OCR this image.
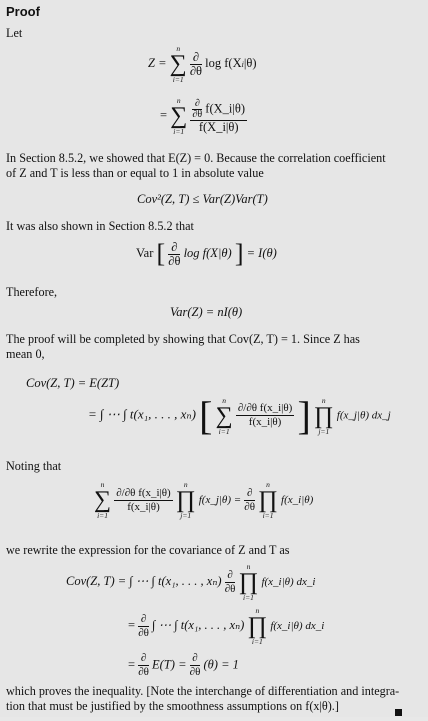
Proof
Let
Z =
n
∑
i=1

$\frac{\partial}{\partial\theta}$ log f(Xi|θ)
=
n
∑
i=1
$\frac{\frac{\partial}{\partial\theta} f(X\_i|\theta)}{f(X\_i|\theta)}$
In Section 8.5.2, we showed that E(Z) = 0. Because the correlation coefficient
of Z and T is less than or equal to 1 in absolute value
Cov²(Z, T) ≤ Var(Z)Var(T)
It was also shown in Section 8.5.2 that
Var [ $\frac{\partial}{\partial\theta}$ log f(X|θ) ] = I(θ)
Therefore,
Var(Z) = nI(θ)
The proof will be completed by showing that Cov(Z, T) = 1. Since Z has
mean 0,
Cov(Z, T) = E(ZT)
= ∫ ⋯ ∫ t(x₁, . . . , xₙ) [	n
∑
i=1

$\frac{\text{∂/∂θ f(x\_i|θ)}}{f(x\_i|\theta)}$ ]	n
∏
j=1
f(x_j|θ) dx_j
Noting that
n
∑
i=1

$\frac{\text{∂/∂θ f(x\_i|θ)}}{f(x\_i|\theta)}$

n
∏
j=1
f(x_j|θ) = $\frac{\partial}{\partial\theta}$

n
∏
i=1
f(x_i|θ)
we rewrite the expression for the covariance of Z and T as
Cov(Z, T) = ∫ ⋯ ∫ t(x₁, . . . , $x_n) \frac{\partial}{\partial\theta}$

n
∏
i=1
f(x_i|θ) dx_i
= $\frac{\partial}{\partial\theta}$ ∫ ⋯ ∫ t(x₁, . . . , xₙ)
n
∏
i=1
f(x_i|θ) dx_i
= $\frac{\partial}{\partial\theta} E(T) = \frac{\partial}{\partial\theta} (\theta) = 1$
which proves the inequality. [Note the interchange of differentiation and integra-
tion that must be justified by the smoothness assumptions on f(x|θ).]
